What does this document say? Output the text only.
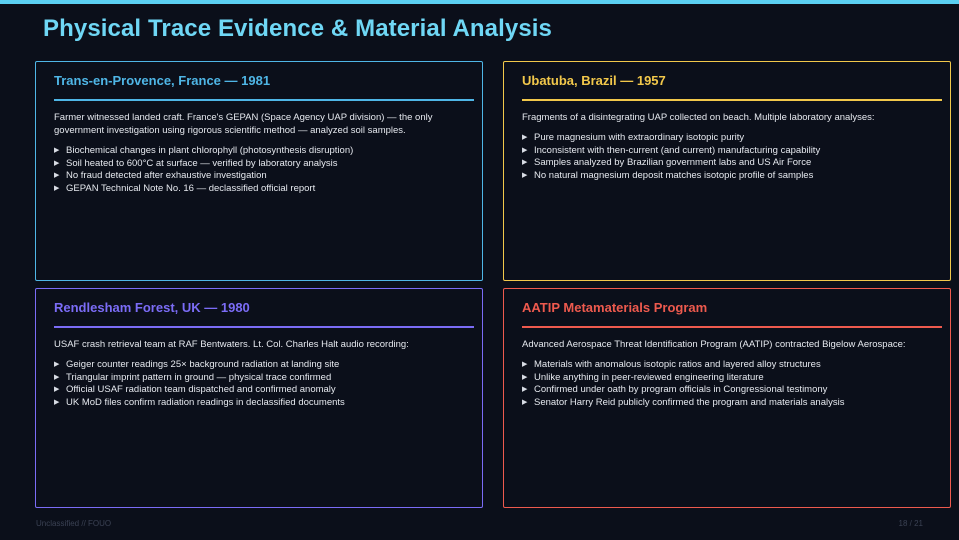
Physical Trace Evidence & Material Analysis
Trans-en-Provence, France — 1981
Farmer witnessed landed craft. France's GEPAN (Space Agency UAP division) — the only government investigation using rigorous scientific method — analyzed soil samples.
▶ Biochemical changes in plant chlorophyll (photosynthesis disruption)
▶ Soil heated to 600°C at surface — verified by laboratory analysis
▶ No fraud detected after exhaustive investigation
▶ GEPAN Technical Note No. 16 — declassified official report
Ubatuba, Brazil — 1957
Fragments of a disintegrating UAP collected on beach. Multiple laboratory analyses:
▶ Pure magnesium with extraordinary isotopic purity
▶ Inconsistent with then-current (and current) manufacturing capability
▶ Samples analyzed by Brazilian government labs and US Air Force
▶ No natural magnesium deposit matches isotopic profile of samples
Rendlesham Forest, UK — 1980
USAF crash retrieval team at RAF Bentwaters. Lt. Col. Charles Halt audio recording:
▶ Geiger counter readings 25× background radiation at landing site
▶ Triangular imprint pattern in ground — physical trace confirmed
▶ Official USAF radiation team dispatched and confirmed anomaly
▶ UK MoD files confirm radiation readings in declassified documents
AATIP Metamaterials Program
Advanced Aerospace Threat Identification Program (AATIP) contracted Bigelow Aerospace:
▶ Materials with anomalous isotopic ratios and layered alloy structures
▶ Unlike anything in peer-reviewed engineering literature
▶ Confirmed under oath by program officials in Congressional testimony
▶ Senator Harry Reid publicly confirmed the program and materials analysis
Unclassified // FOUO	18 / 21
